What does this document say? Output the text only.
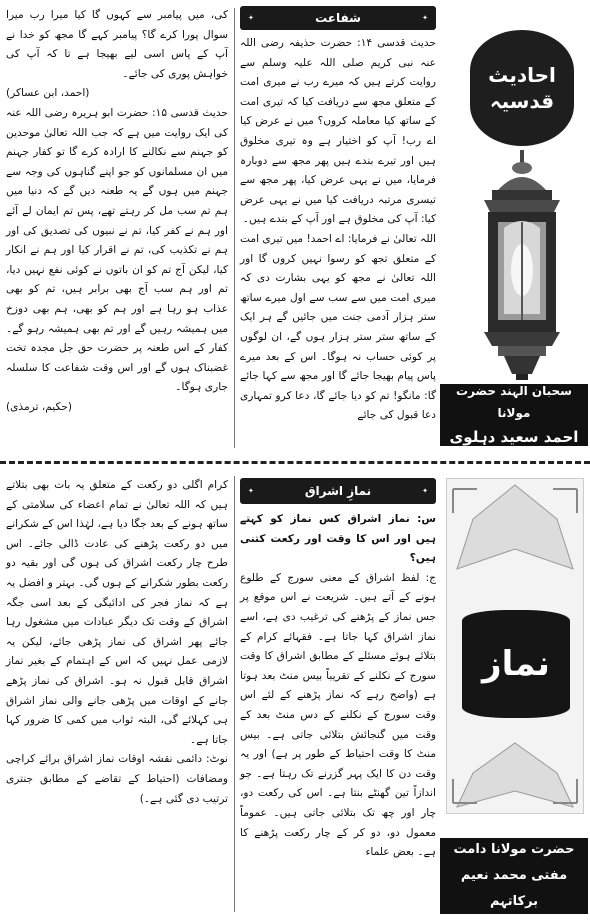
کی، میں پیامبر سے کہوں گا کیا میرا رب میرا سوال پورا کرے گا؟ پیامبر کہے گا مجھ کو خدا نے آپ کے پاس اسی لیے بھیجا ہے تا کہ آپ کی خواہش پوری کی جائے۔

(احمد، ابن عساکر)

حدیث قدسی ۱۵: حضرت ابو ہریرہ رضی اللہ عنہ کی ایک روایت میں ہے کہ جب اللہ تعالیٰ موحدین کو جہنم سے نکالنے کا ارادہ کرے گا تو کفار جہنم میں ان مسلمانوں کو جو اپنے گناہوں کی وجہ سے جہنم میں ہوں گے یہ طعنہ دیں گے کہ دنیا میں ہم تم سب مل کر رہتے تھے، پس تم ایمان لے آئے اور ہم نے کفر کیا، تم نے نبیوں کی تصدیق کی اور ہم نے تکذیب کی، تم نے اقرار کیا اور ہم نے انکار کیا، لیکن آج تم کو ان باتوں نے کوئی نفع نہیں دیا، تم اور ہم سب آج بھی برابر ہیں، تم کو بھی عذاب ہو رہا ہے اور ہم کو بھی، ہم بھی دوزخ میں ہمیشہ رہیں گے اور تم بھی ہمیشہ رہو گے۔ کفار کے اس طعنہ پر حضرت حق جل مجدہ تخت غضبناک ہوں گے اور اس وقت شفاعت کا سلسلہ جاری ہوگا۔

(حکیم، ترمذی)

✦	شفاعت	✦

حدیث قدسی ۱۴: حضرت حذیفہ رضی اللہ عنہ نبی کریم صلی اللہ علیہ وسلم سے روایت کرتے ہیں کہ میرے رب نے میری امت کے متعلق مجھ سے دریافت کیا کہ تیری امت کے ساتھ کیا معاملہ کروں؟ میں نے عرض کیا اے رب! آپ کو اختیار ہے وہ تیری مخلوق ہیں اور تیرے بندے ہیں پھر مجھ سے دوبارہ فرمایا، میں نے یہی عرض کیا، پھر مجھ سے تیسری مرتبہ دریافت کیا میں نے یہی عرض کیا: آپ کی مخلوق ہے اور آپ کے بندے ہیں۔

اللہ تعالیٰ نے فرمایا: اے احمد! میں تیری امت کے متعلق تجھ کو رسوا نہیں کروں گا اور اللہ تعالیٰ نے مجھ کو یہی بشارت دی کہ میری امت میں سے سب سے اول میرے ساتھ ستر ہزار آدمی جنت میں جائیں گے ہر ایک کے ساتھ ستر ستر ہزار ہوں گے، ان لوگوں پر کوئی حساب نہ ہوگا۔ اس کے بعد میرے پاس پیام بھیجا جائے گا اور مجھ سے کہا جائے گا: مانگو! تم کو دیا جائے گا، دعا کرو تمہاری دعا قبول کی جائے

احادیث
قدسیہ
سحبان الہند حضرت مولانا
احمد سعید دہلوی

کرام اگلی دو رکعت کے متعلق یہ بات بھی بتلاتے ہیں کہ اللہ تعالیٰ نے تمام اعضاء کی سلامتی کے ساتھ ہونے کے بعد جگا دیا ہے، لہٰذا اس کے شکرانے میں دو رکعت پڑھنے کی عادت ڈالی جائے۔ اس طرح چار رکعت اشراق کی ہوں گی اور بقیہ دو رکعت بطور شکرانے کے ہوں گی۔ بہتر و افضل یہ ہے کہ نماز فجر کی ادائیگی کے بعد اسی جگہ اشراق کے وقت تک دیگر عبادات میں مشغول رہا جائے پھر اشراق کی نماز پڑھی جائے، لیکن یہ لازمی عمل نہیں کہ اس کے اہتمام کے بغیر نماز اشراق قابل قبول نہ ہو۔ اشراق کی نماز پڑھے جانے کے اوقات میں پڑھی جانے والی نماز اشراق ہی کہلائے گی، البتہ ثواب میں کمی کا ضرور کہا جاتا ہے۔

نوٹ: دائمی نقشہ اوقات نماز اشراق برائے کراچی ومضافات (احتیاط کے تقاضے کے مطابق جنتری ترتیب دی گئی ہے۔)

✦	نمازِ اشراق	✦

س: نماز اشراق کس نماز کو کہتے ہیں اور اس کا وقت اور رکعت کتنی ہیں؟

ج: لفظ اشراق کے معنی سورج کے طلوع ہونے کے آتے ہیں۔ شریعت نے اس موقع پر جس نماز کے پڑھنے کی ترغیب دی ہے، اسے نماز اشراق کہا جاتا ہے۔ فقہائے کرام کے بتلائے ہوئے مسئلے کے مطابق اشراق کا وقت سورج کے نکلنے کے تقریباً بیس منٹ بعد ہوتا ہے (واضح رہے کہ نماز پڑھنے کے لئے اس وقت سورج کے نکلنے کے دس منٹ بعد کے وقت میں گنجائش بتلائی جاتی ہے۔ بیس منٹ کا وقت احتیاط کے طور پر ہے) اور یہ وقت دن کا ایک پہر گزرنے تک رہتا ہے۔ جو اندازاً تین گھنٹے بنتا ہے۔ اس کی رکعت دو، چار اور چھ تک بتلائی جاتی ہیں۔ عموماً معمول دو، دو کر کے چار رکعت پڑھنے کا ہے۔ بعض علماء

نماز
حضرت مولانا دامت
مفتی محمد نعیم برکاتہم
